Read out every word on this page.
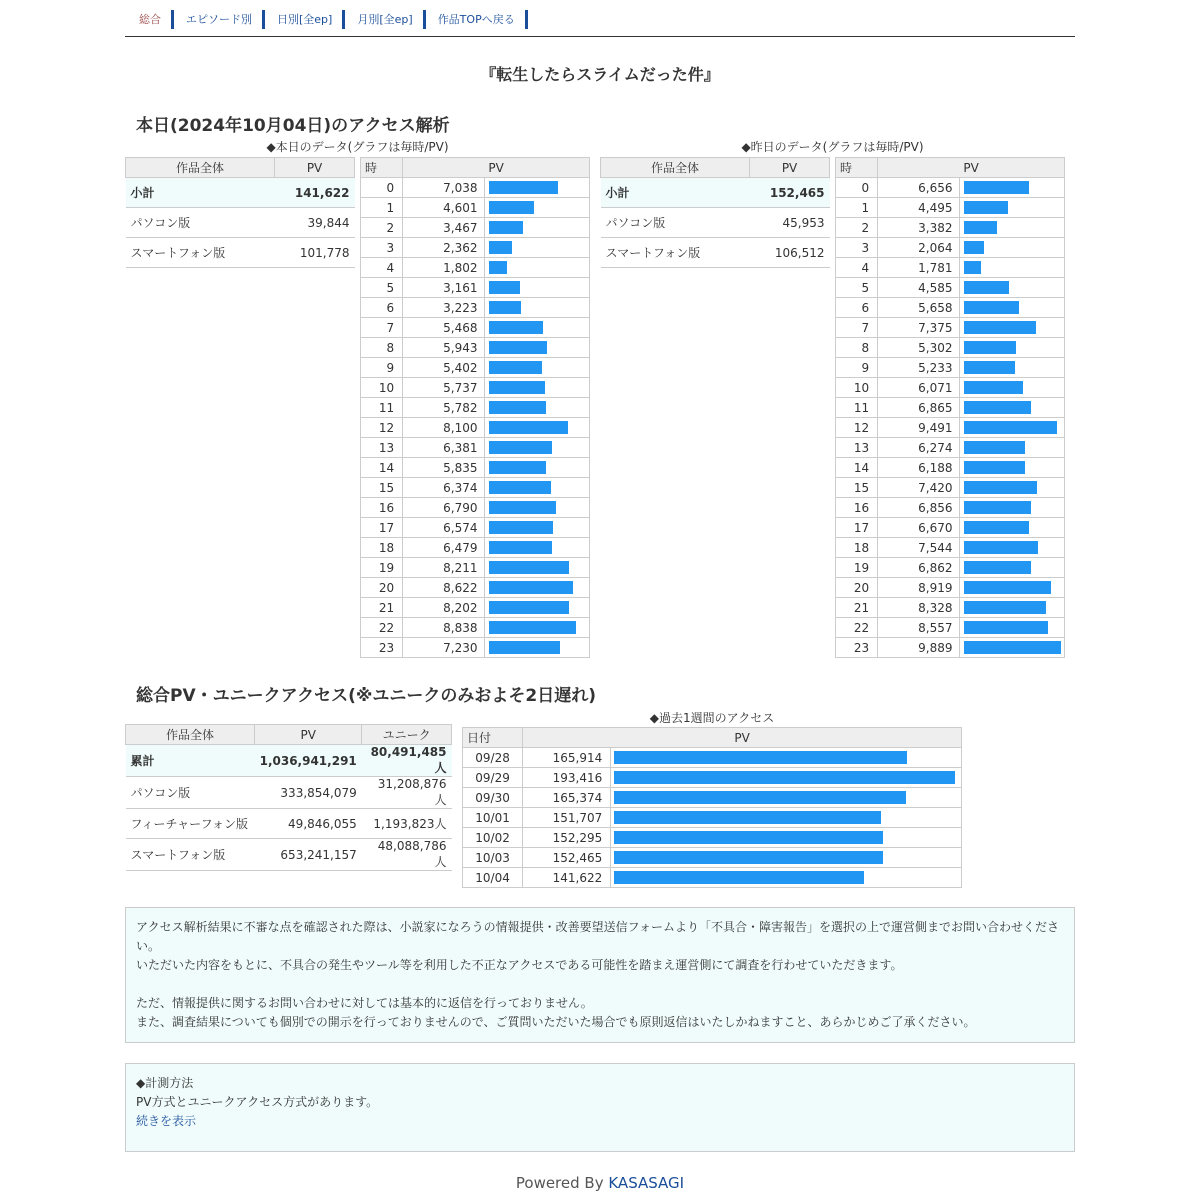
総合	エピソード別	日別[全ep]	月別[全ep]	作品TOPへ戻る
『転生したらスライムだった件』
本日(2024年10月04日)のアクセス解析
◆本日のデータ(グラフは毎時/PV)	◆昨日のデータ(グラフは毎時/PV)
作品全体	PV
小計	141,622
パソコン版	39,844
スマートフォン版	101,778
時	PV	
0	7,038	

1	4,601	

2	3,467	

3	2,362	

4	1,802	

5	3,161	

6	3,223	

7	5,468	

8	5,943	

9	5,402	

10	5,737	

11	5,782	

12	8,100	

13	6,381	

14	5,835	

15	6,374	

16	6,790	

17	6,574	

18	6,479	

19	8,211	

20	8,622	

21	8,202	

22	8,838	

23	7,230	
作品全体	PV
小計	152,465
パソコン版	45,953
スマートフォン版	106,512
時	PV	
0	6,656	

1	4,495	

2	3,382	

3	2,064	

4	1,781	

5	4,585	

6	5,658	

7	7,375	

8	5,302	

9	5,233	

10	6,071	

11	6,865	

12	9,491	

13	6,274	

14	6,188	

15	7,420	

16	6,856	

17	6,670	

18	7,544	

19	6,862	

20	8,919	

21	8,328	

22	8,557	

23	9,889	
総合PV・ユニークアクセス(※ユニークのみおよそ2日遅れ)
作品全体	PV	ユニーク
累計	1,036,941,291	80,491,485人
パソコン版	333,854,079	31,208,876人
フィーチャーフォン版	49,846,055	1,193,823人
スマートフォン版	653,241,157	48,088,786人
◆過去1週間のアクセス
日付	PV	
09/28	165,914	

09/29	193,416	

09/30	165,374	

10/01	151,707	

10/02	152,295	

10/03	152,465	

10/04	141,622	

アクセス解析結果に不審な点を確認された際は、小説家になろうの情報提供・改善要望送信フォームより「不具合・障害報告」を選択の上で運営側までお問い合わせください。

いただいた内容をもとに、不具合の発生やツール等を利用した不正なアクセスである可能性を踏まえ運営側にて調査を行わせていただきます。

ただ、情報提供に関するお問い合わせに対しては基本的に返信を行っておりません。

また、調査結果についても個別での開示を行っておりませんので、ご質問いただいた場合でも原則返信はいたしかねますこと、あらかじめご了承ください。

◆計測方法

PV方式とユニークアクセス方式があります。

続きを表示

Powered By KASASAGI
